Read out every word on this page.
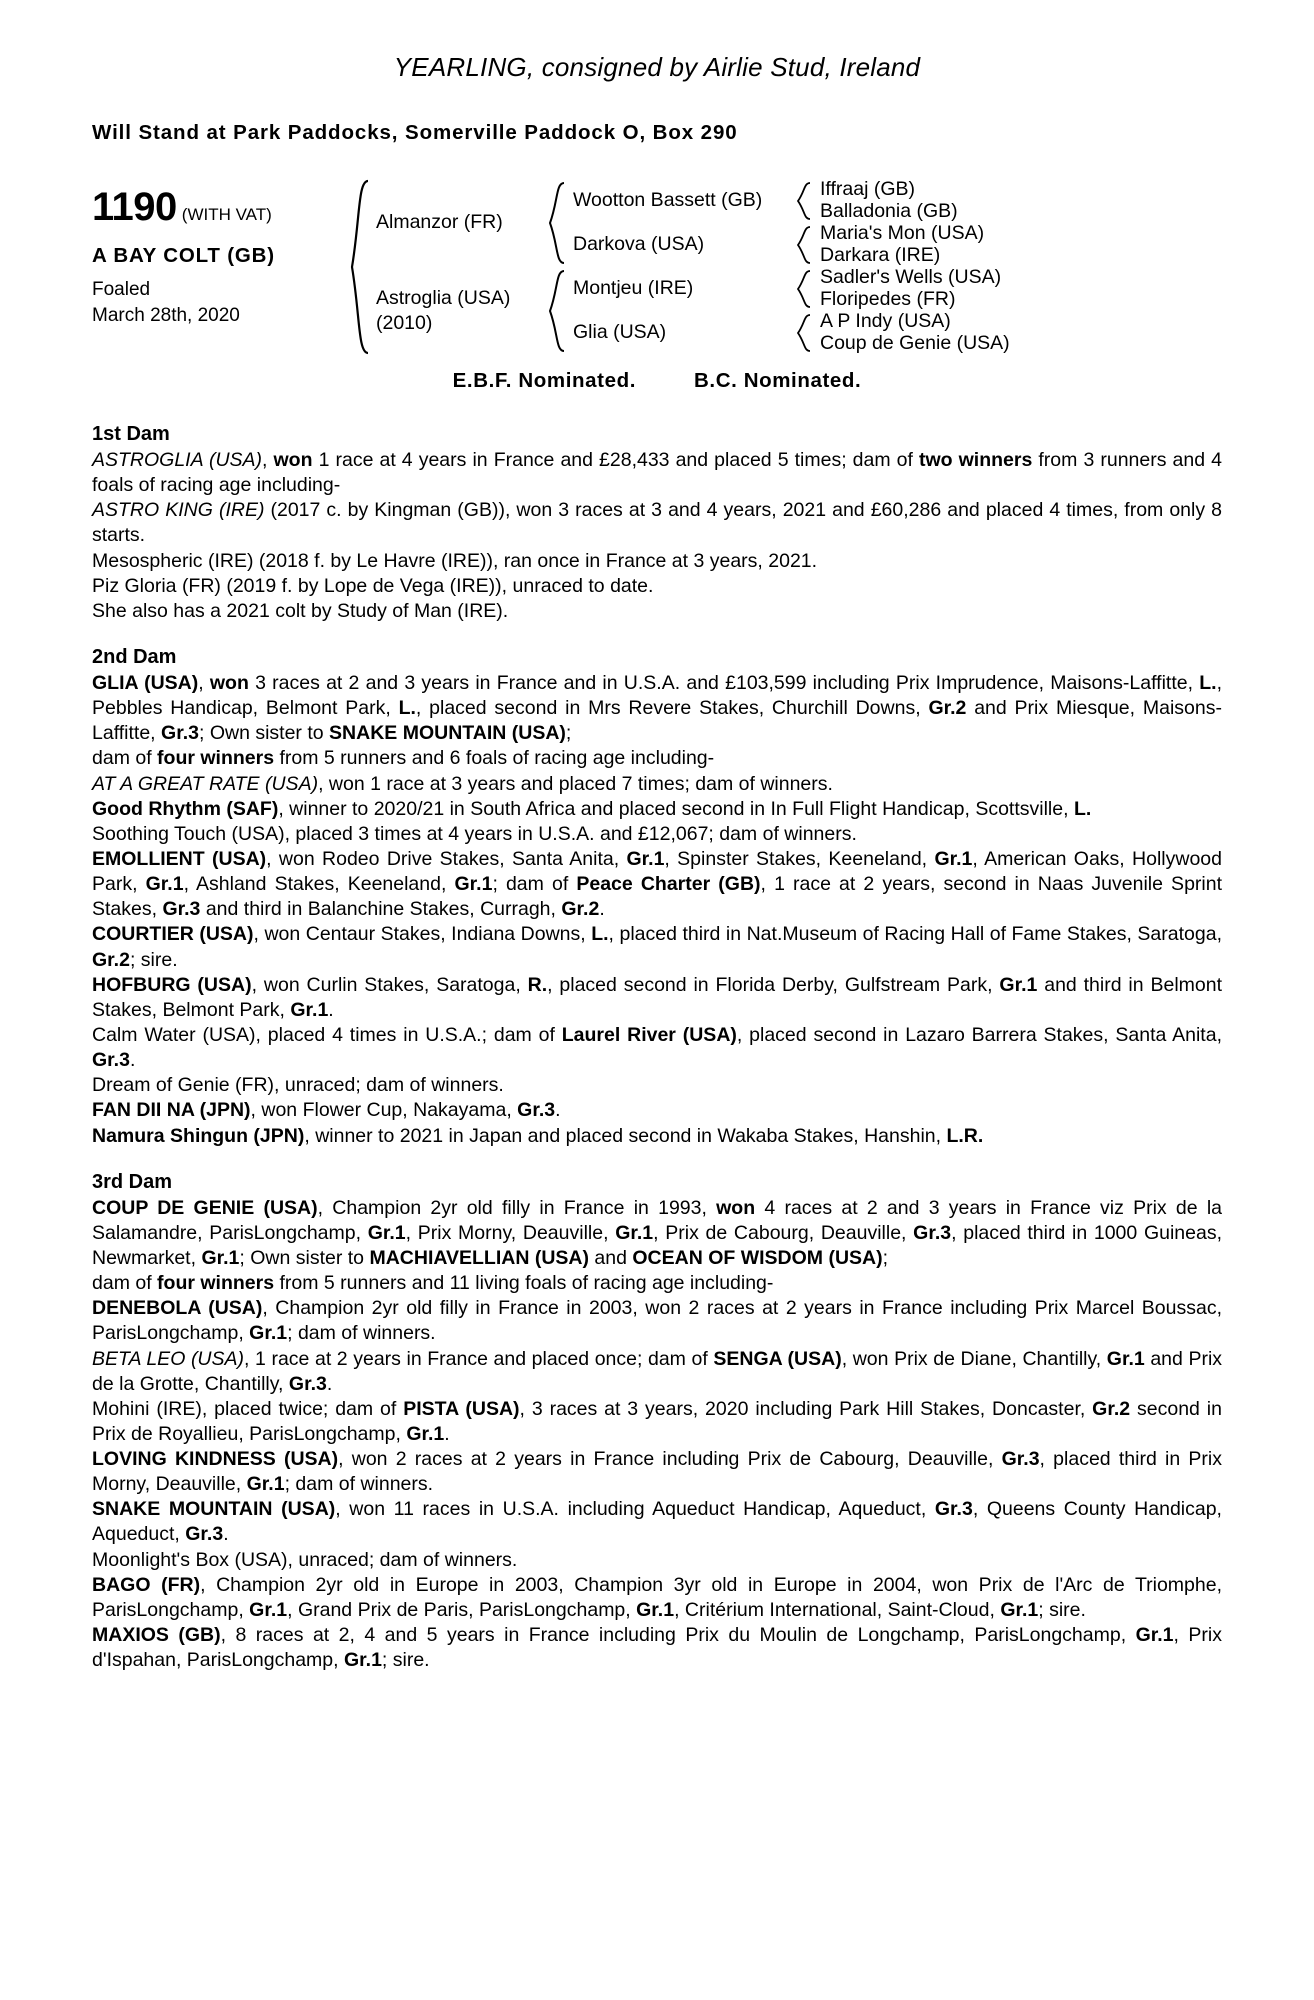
YEARLING, consigned by Airlie Stud, Ireland
Will Stand at Park Paddocks, Somerville Paddock O, Box 290
1190 (WITH VAT)
A BAY COLT (GB)
Foaled
March 28th, 2020
Almanzor (FR)
Astroglia (USA)
(2010)
Wootton Bassett (GB)
Darkova (USA)
Montjeu (IRE)
Glia (USA)
Iffraaj (GB)
Balladonia (GB)
Maria's Mon (USA)
Darkara (IRE)
Sadler's Wells (USA)
Floripedes (FR)
A P Indy (USA)
Coup de Genie (USA)
E.B.F. Nominated.	B.C. Nominated.
1st Dam

ASTROGLIA (USA), won 1 race at 4 years in France and £28,433 and placed 5 times; dam of two winners from 3 runners and 4 foals of racing age including-

ASTRO KING (IRE) (2017 c. by Kingman (GB)), won 3 races at 3 and 4 years, 2021 and £60,286 and placed 4 times, from only 8 starts.

Mesospheric (IRE) (2018 f. by Le Havre (IRE)), ran once in France at 3 years, 2021.

Piz Gloria (FR) (2019 f. by Lope de Vega (IRE)), unraced to date.

She also has a 2021 colt by Study of Man (IRE).

2nd Dam

GLIA (USA), won 3 races at 2 and 3 years in France and in U.S.A. and £103,599 including Prix Imprudence, Maisons-Laffitte, L., Pebbles Handicap, Belmont Park, L., placed second in Mrs Revere Stakes, Churchill Downs, Gr.2 and Prix Miesque, Maisons-Laffitte, Gr.3; Own sister to SNAKE MOUNTAIN (USA);

dam of four winners from 5 runners and 6 foals of racing age including-

AT A GREAT RATE (USA), won 1 race at 3 years and placed 7 times; dam of winners.

Good Rhythm (SAF), winner to 2020/21 in South Africa and placed second in In Full Flight Handicap, Scottsville, L.

Soothing Touch (USA), placed 3 times at 4 years in U.S.A. and £12,067; dam of winners.

EMOLLIENT (USA), won Rodeo Drive Stakes, Santa Anita, Gr.1, Spinster Stakes, Keeneland, Gr.1, American Oaks, Hollywood Park, Gr.1, Ashland Stakes, Keeneland, Gr.1; dam of Peace Charter (GB), 1 race at 2 years, second in Naas Juvenile Sprint Stakes, Gr.3 and third in Balanchine Stakes, Curragh, Gr.2.

COURTIER (USA), won Centaur Stakes, Indiana Downs, L., placed third in Nat.Museum of Racing Hall of Fame Stakes, Saratoga, Gr.2; sire.

HOFBURG (USA), won Curlin Stakes, Saratoga, R., placed second in Florida Derby, Gulfstream Park, Gr.1 and third in Belmont Stakes, Belmont Park, Gr.1.

Calm Water (USA), placed 4 times in U.S.A.; dam of Laurel River (USA), placed second in Lazaro Barrera Stakes, Santa Anita, Gr.3.

Dream of Genie (FR), unraced; dam of winners.

FAN DII NA (JPN), won Flower Cup, Nakayama, Gr.3.

Namura Shingun (JPN), winner to 2021 in Japan and placed second in Wakaba Stakes, Hanshin, L.R.

3rd Dam

COUP DE GENIE (USA), Champion 2yr old filly in France in 1993, won 4 races at 2 and 3 years in France viz Prix de la Salamandre, ParisLongchamp, Gr.1, Prix Morny, Deauville, Gr.1, Prix de Cabourg, Deauville, Gr.3, placed third in 1000 Guineas, Newmarket, Gr.1; Own sister to MACHIAVELLIAN (USA) and OCEAN OF WISDOM (USA);

dam of four winners from 5 runners and 11 living foals of racing age including-

DENEBOLA (USA), Champion 2yr old filly in France in 2003, won 2 races at 2 years in France including Prix Marcel Boussac, ParisLongchamp, Gr.1; dam of winners.

BETA LEO (USA), 1 race at 2 years in France and placed once; dam of SENGA (USA), won Prix de Diane, Chantilly, Gr.1 and Prix de la Grotte, Chantilly, Gr.3.

Mohini (IRE), placed twice; dam of PISTA (USA), 3 races at 3 years, 2020 including Park Hill Stakes, Doncaster, Gr.2 second in Prix de Royallieu, ParisLongchamp, Gr.1.

LOVING KINDNESS (USA), won 2 races at 2 years in France including Prix de Cabourg, Deauville, Gr.3, placed third in Prix Morny, Deauville, Gr.1; dam of winners.

SNAKE MOUNTAIN (USA), won 11 races in U.S.A. including Aqueduct Handicap, Aqueduct, Gr.3, Queens County Handicap, Aqueduct, Gr.3.

Moonlight's Box (USA), unraced; dam of winners.

BAGO (FR), Champion 2yr old in Europe in 2003, Champion 3yr old in Europe in 2004, won Prix de l'Arc de Triomphe, ParisLongchamp, Gr.1, Grand Prix de Paris, ParisLongchamp, Gr.1, Critérium International, Saint-Cloud, Gr.1; sire.

MAXIOS (GB), 8 races at 2, 4 and 5 years in France including Prix du Moulin de Longchamp, ParisLongchamp, Gr.1, Prix d'Ispahan, ParisLongchamp, Gr.1; sire.
